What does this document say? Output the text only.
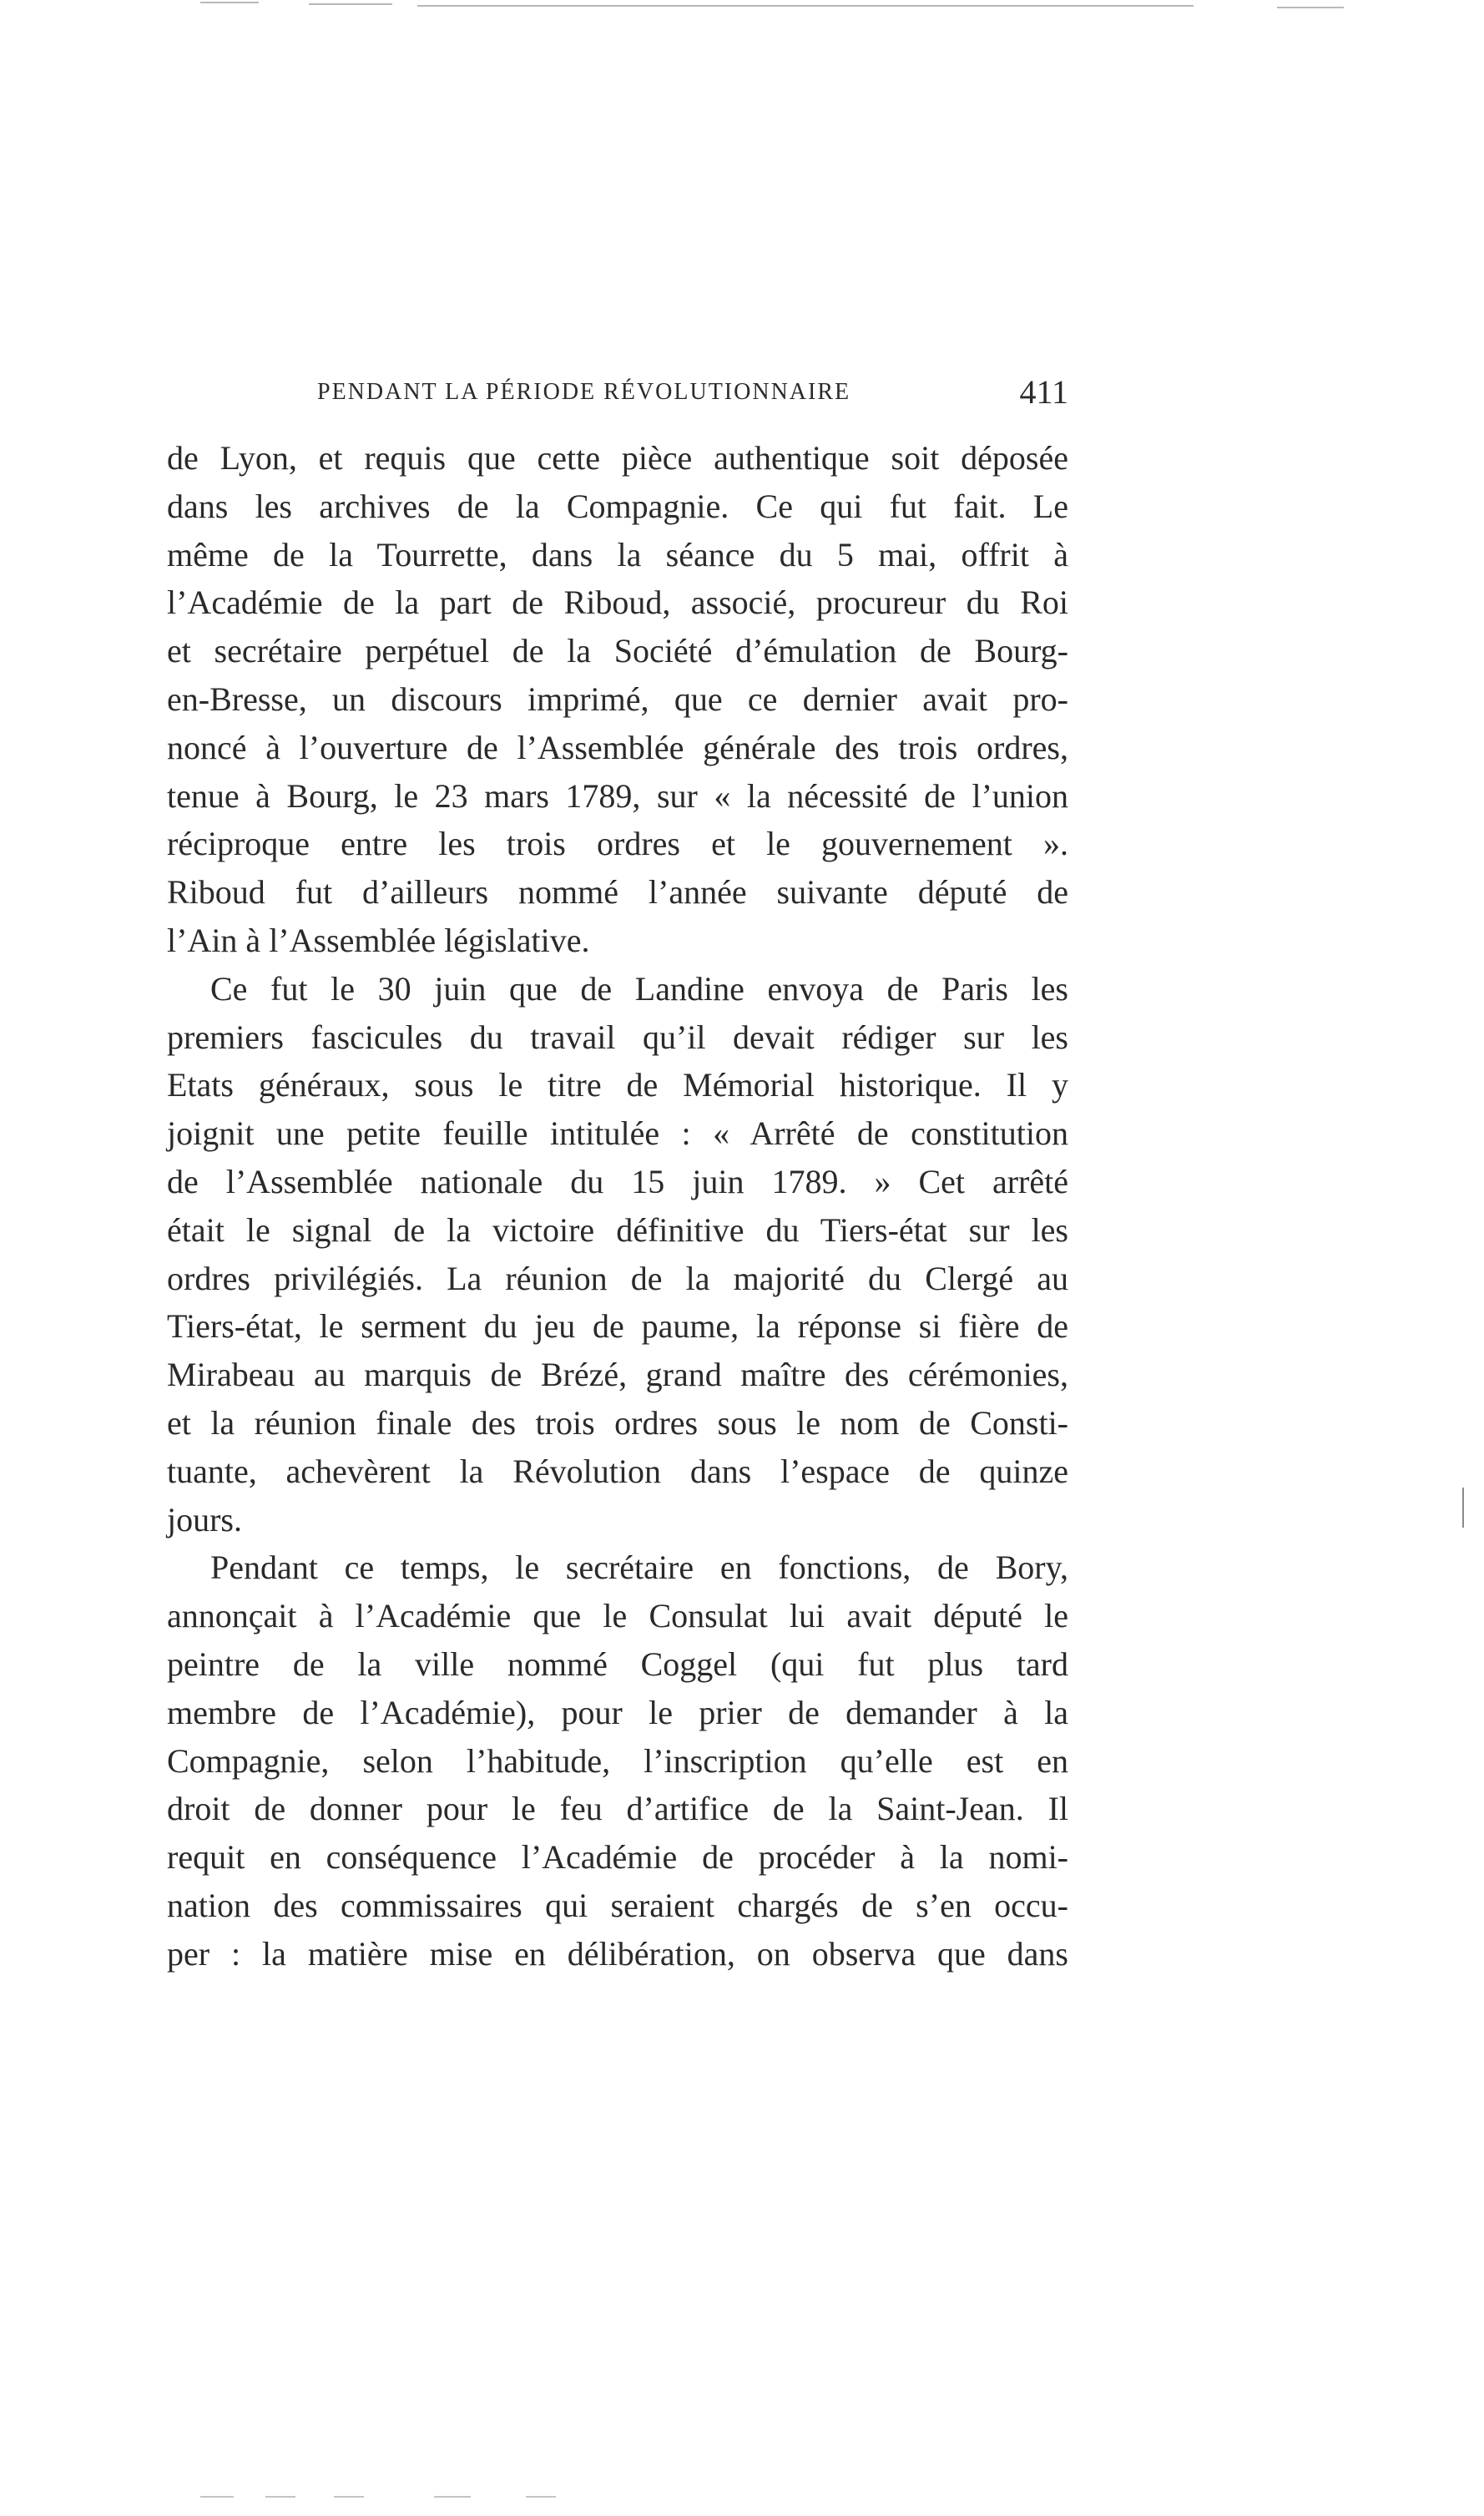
PENDANT LA PÉRIODE RÉVOLUTIONNAIRE	411
de Lyon, et requis que cette pièce authentique soit déposée
dans les archives de la Compagnie. Ce qui fut fait. Le
même de la Tourrette, dans la séance du 5 mai, offrit à
l’Académie de la part de Riboud, associé, procureur du Roi
et secrétaire perpétuel de la Société d’émulation de Bourg-
en-Bresse, un discours imprimé, que ce dernier avait pro-
noncé à l’ouverture de l’Assemblée générale des trois ordres,
tenue à Bourg, le 23 mars 1789, sur « la nécessité de l’union
réciproque entre les trois ordres et le gouvernement ».
Riboud fut d’ailleurs nommé l’année suivante député de
l’Ain à l’Assemblée législative.
Ce fut le 30 juin que de Landine envoya de Paris les
premiers fascicules du travail qu’il devait rédiger sur les
Etats généraux, sous le titre de Mémorial historique. Il y
joignit une petite feuille intitulée : « Arrêté de constitution
de l’Assemblée nationale du 15 juin 1789. » Cet arrêté
était le signal de la victoire définitive du Tiers-état sur les
ordres privilégiés. La réunion de la majorité du Clergé au
Tiers-état, le serment du jeu de paume, la réponse si fière de
Mirabeau au marquis de Brézé, grand maître des cérémonies,
et la réunion finale des trois ordres sous le nom de Consti-
tuante, achevèrent la Révolution dans l’espace de quinze
jours.
Pendant ce temps, le secrétaire en fonctions, de Bory,
annonçait à l’Académie que le Consulat lui avait député le
peintre de la ville nommé Coggel (qui fut plus tard
membre de l’Académie), pour le prier de demander à la
Compagnie, selon l’habitude, l’inscription qu’elle est en
droit de donner pour le feu d’artifice de la Saint-Jean. Il
requit en conséquence l’Académie de procéder à la nomi-
nation des commissaires qui seraient chargés de s’en occu-
per : la matière mise en délibération, on observa que dans
